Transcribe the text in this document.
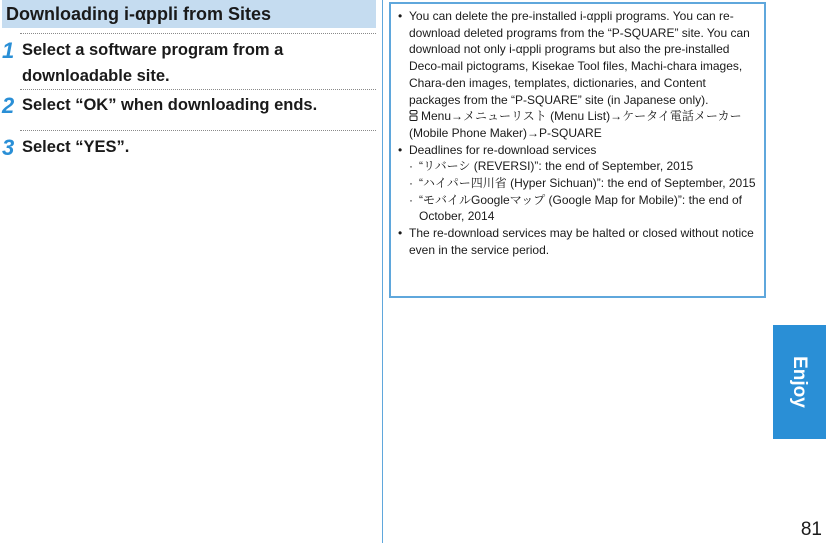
Downloading i-αppli from Sites
1 Select a software program from a downloadable site.
2 Select “OK” when downloading ends.
3 Select “YES”.
• You can delete the pre-installed i-αppli programs. You can re-download deleted programs from the “P-SQUARE” site. You can download not only i-αppli programs but also the pre-installed Deco-mail pictograms, Kisekae Tool files, Machi-chara images, Chara-den images, templates, dictionaries, and Content packages from the “P-SQUARE” site (in Japanese only).
Menu→メニューリスト (Menu List)→ケータイ電話メーカー (Mobile Phone Maker)→P-SQUARE
• Deadlines for re-download services
· “リバーシ (REVERSI)”: the end of September, 2015
· “ハイパー四川省 (Hyper Sichuan)”: the end of September, 2015
· “モバイルGoogleマップ (Google Map for Mobile)”: the end of October, 2014
• The re-download services may be halted or closed without notice even in the service period.
Enjoy
81
